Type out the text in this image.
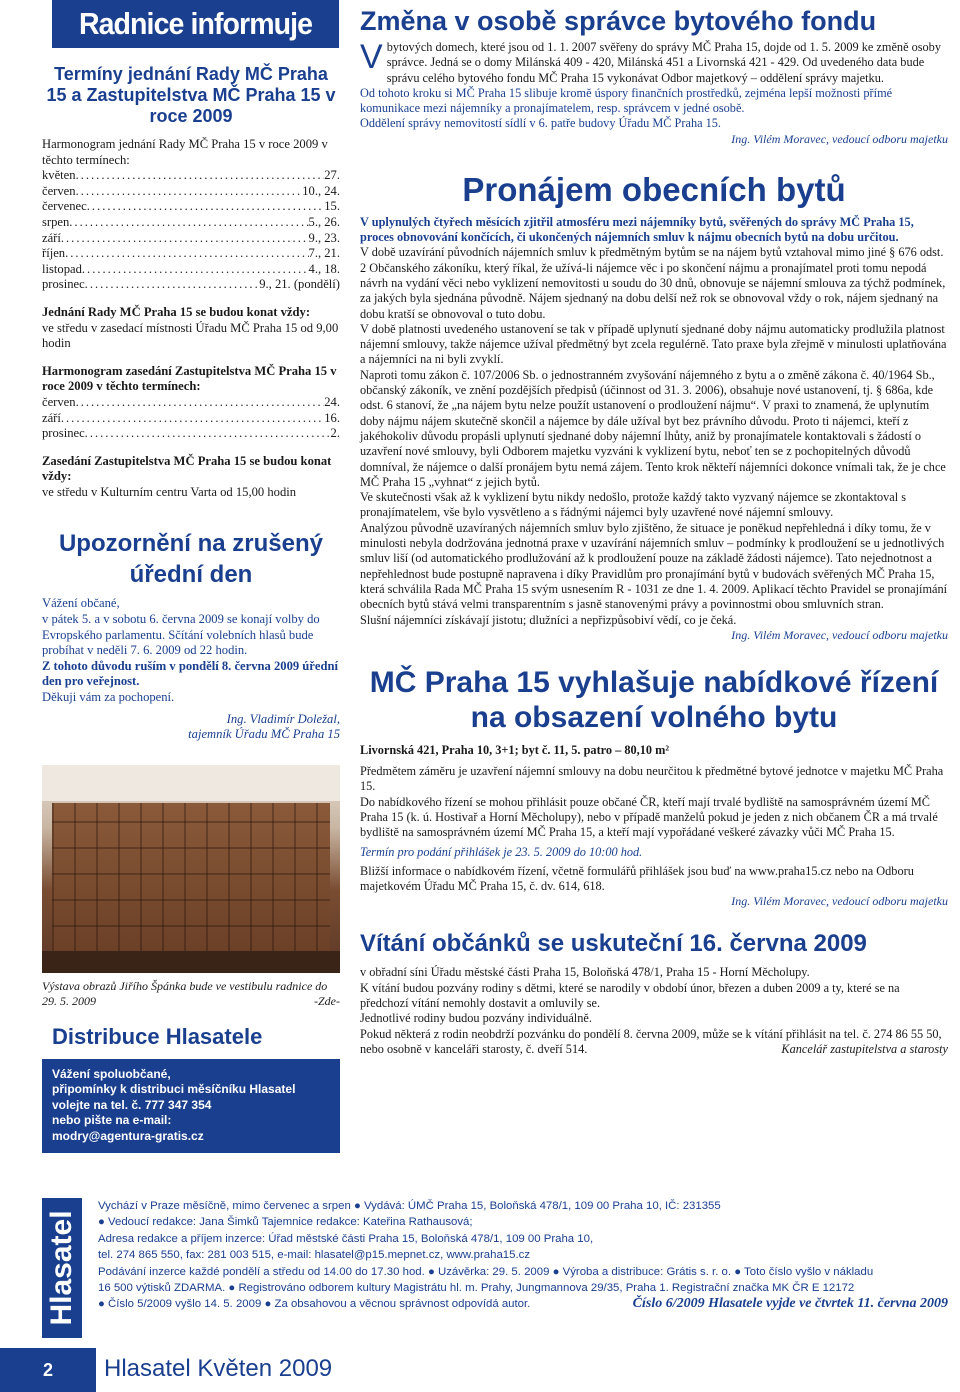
Radnice informuje
Termíny jednání Rady MČ Praha 15 a Zastupitelstva MČ Praha 15 v roce 2009

Harmonogram jednání Rady MČ Praha 15 v roce 2009 v těchto termínech:

květen .....	27.
červen .....	10., 24.
červenec .....	15.
srpen .....	5., 26.
září .....	9., 23.
říjen .....	7., 21.
listopad .....	4., 18.
prosinec .....	9., 21. (pondělí)

Jednání Rady MČ Praha 15 se budou konat vždy:

ve středu v zasedací místnosti Úřadu MČ Praha 15 od 9,00 hodin

Harmonogram zasedání Zastupitelstva MČ Praha 15 v roce 2009 v těchto termínech:

červen .....	24.
září .....	16.
prosinec .....	2.

Zasedání Zastupitelstva MČ Praha 15 se budou konat vždy:

ve středu v Kulturním centru Varta od 15,00 hodin

Upozornění na zrušený úřední den

Vážení občané,

v pátek 5. a v sobotu 6. června 2009 se konají volby do Evropského parlamentu. Sčítání volebních hlasů bude probíhat v neděli 7. 6. 2009 od 22 hodin.

Z tohoto důvodu ruším v pondělí 8. června 2009 úřední den pro veřejnost.

Děkuji vám za pochopení.

Ing. Vladimír Doležal,
tajemník Úřadu MČ Praha 15
Výstava obrazů Jiřího Špánka bude ve vestibulu radnice do 29. 5. 2009	-Zde-
Distribuce Hlasatele
Vážení spoluobčané,
připomínky k distribuci měsíčníku Hlasatel
volejte na tel. č. 777 347 354
nebo pište na e-mail:
modry@agentura-gratis.cz
Změna v osobě správce bytového fondu
V bytových domech, které jsou od 1. 1. 2007 svěřeny do správy MČ Praha 15, dojde od 1. 5. 2009 ke změně osoby správce. Jedná se o domy Milánská 409 - 420, Milánská 451 a Livornská 421 - 429. Od uvedeného data bude správu celého bytového fondu MČ Praha 15 vykonávat Odbor majetkový – oddělení správy majetku.

Od tohoto kroku si MČ Praha 15 slibuje kromě úspory finančních prostředků, zejména lepší možnosti přímé komunikace mezi nájemníky a pronajímatelem, resp. správcem v jedné osobě.

Oddělení správy nemovitostí sídlí v 6. patře budovy Úřadu MČ Praha 15.

Ing. Vilém Moravec, vedoucí odboru majetku
Pronájem obecních bytů

V uplynulých čtyřech měsících zjitřil atmosféru mezi nájemníky bytů, svěřených do správy MČ Praha 15, proces obnovování končících, či ukončených nájemních smluv k nájmu obecních bytů na dobu určitou.

V době uzavírání původních nájemních smluv k předmětným bytům se na nájem bytů vztahoval mimo jiné § 676 odst. 2 Občanského zákoníku, který říkal, že užívá-li nájemce věc i po skončení nájmu a pronajímatel proti tomu nepodá návrh na vydání věci nebo vyklizení nemovitosti u soudu do 30 dnů, obnovuje se nájemní smlouva za týchž podmínek, za jakých byla sjednána původně. Nájem sjednaný na dobu delší než rok se obnovoval vždy o rok, nájem sjednaný na dobu kratší se obnovoval o tuto dobu.

V době platnosti uvedeného ustanovení se tak v případě uplynutí sjednané doby nájmu automaticky prodlužila platnost nájemní smlouvy, takže nájemce užíval předmětný byt zcela regulérně. Tato praxe byla zřejmě v minulosti uplatňována a nájemníci na ni byli zvyklí.

Naproti tomu zákon č. 107/2006 Sb. o jednostranném zvyšování nájemného z bytu a o změně zákona č. 40/1964 Sb., občanský zákoník, ve znění pozdějších předpisů (účinnost od 31. 3. 2006), obsahuje nové ustanovení, tj. § 686a, kde odst. 6 stanoví, že „na nájem bytu nelze použít ustanovení o prodloužení nájmu“. V praxi to znamená, že uplynutím doby nájmu nájem skutečně skončil a nájemce by dále užíval byt bez právního důvodu. Proto ti nájemci, kteří z jakéhokoliv důvodu propásli uplynutí sjednané doby nájemní lhůty, aniž by pronajímatele kontaktovali s žádostí o uzavření nové smlouvy, byli Odborem majetku vyzváni k vyklizení bytu, neboť ten se z pochopitelných důvodů domníval, že nájemce o další pronájem bytu nemá zájem. Tento krok někteří nájemníci dokonce vnímali tak, že je chce MČ Praha 15 „vyhnat“ z jejich bytů.

Ve skutečnosti však až k vyklizení bytu nikdy nedošlo, protože každý takto vyzvaný nájemce se zkontaktoval s pronajímatelem, vše bylo vysvětleno a s řádnými nájemci byly uzavřené nové nájemní smlouvy.

Analýzou původně uzavíraných nájemních smluv bylo zjištěno, že situace je poněkud nepřehledná i díky tomu, že v minulosti nebyla dodržována jednotná praxe v uzavírání nájemních smluv – podmínky k prodloužení se u jednotlivých smluv liší (od automatického prodlužování až k prodloužení pouze na základě žádosti nájemce). Tato nejednotnost a nepřehlednost bude postupně napravena i díky Pravidlům pro pronajímání bytů v budovách svěřených MČ Praha 15, která schválila Rada MČ Praha 15 svým usnesením R - 1031 ze dne 1. 4. 2009. Aplikací těchto Pravidel se pronajímání obecních bytů stává velmi transparentním s jasně stanovenými právy a povinnostmi obou smluvních stran.

Slušní nájemníci získávají jistotu; dlužníci a nepřizpůsobiví vědí, co je čeká.

Ing. Vilém Moravec, vedoucí odboru majetku
MČ Praha 15 vyhlašuje nabídkové řízení na obsazení volného bytu

Livornská 421, Praha 10, 3+1; byt č. 11, 5. patro – 80,10 m²

Předmětem záměru je uzavření nájemní smlouvy na dobu neurčitou k předmětné bytové jednotce v majetku MČ Praha 15.

Do nabídkového řízení se mohou přihlásit pouze občané ČR, kteří mají trvalé bydliště na samosprávném území MČ Praha 15 (k. ú. Hostivař a Horní Měcholupy), nebo v případě manželů pokud je jeden z nich občanem ČR a má trvalé bydliště na samosprávném území MČ Praha 15, a kteří mají vypořádané veškeré závazky vůči MČ Praha 15.

Termín pro podání přihlášek je 23. 5. 2009 do 10:00 hod.

Bližší informace o nabídkovém řízení, včetně formulářů přihlášek jsou buď na www.praha15.cz nebo na Odboru majetkovém Úřadu MČ Praha 15, č. dv. 614, 618.

Ing. Vilém Moravec, vedoucí odboru majetku
Vítání občánků se uskuteční 16. června 2009

v obřadní síni Úřadu městské části Praha 15, Boloňská 478/1, Praha 15 - Horní Měcholupy.

K vítání budou pozvány rodiny s dětmi, které se narodily v období únor, březen a duben 2009 a ty, které se na předchozí vítání nemohly dostavit a omluvily se.

Jednotlivé rodiny budou pozvány individuálně.

Pokud některá z rodin neobdrží pozvánku do pondělí 8. června 2009, může se k vítání přihlásit na tel. č. 274 86 55 50, nebo osobně v kanceláři starosty, č. dveří 514.	Kancelář zastupitelstva a starosty

Hlasatel
Vychází v Praze měsíčně, mimo červenec a srpen ● Vydává: ÚMČ Praha 15, Boloňská 478/1, 109 00 Praha 10, IČ: 231355
● Vedoucí redakce: Jana Šimků Tajemnice redakce: Kateřina Rathausová;
Adresa redakce a příjem inzerce: Úřad městské části Praha 15, Boloňská 478/1, 109 00 Praha 10,
tel. 274 865 550, fax: 281 003 515, e-mail: hlasatel@p15.mepnet.cz, www.praha15.cz
Podávání inzerce každé pondělí a středu od 14.00 do 17.30 hod. ● Uzávěrka: 29. 5. 2009 ● Výroba a distribuce: Grátis s. r. o. ● Toto číslo vyšlo v nákladu
16 500 výtisků ZDARMA. ● Registrováno odborem kultury Magistrátu hl. m. Prahy, Jungmannova 29/35, Praha 1. Registrační značka MK ČR E 12172
● Číslo 5/2009 vyšlo 14. 5. 2009 ● Za obsahovou a věcnou správnost odpovídá autor.	Číslo 6/2009 Hlasatele vyjde ve čtvrtek 11. června 2009
2	Hlasatel Květen 2009
